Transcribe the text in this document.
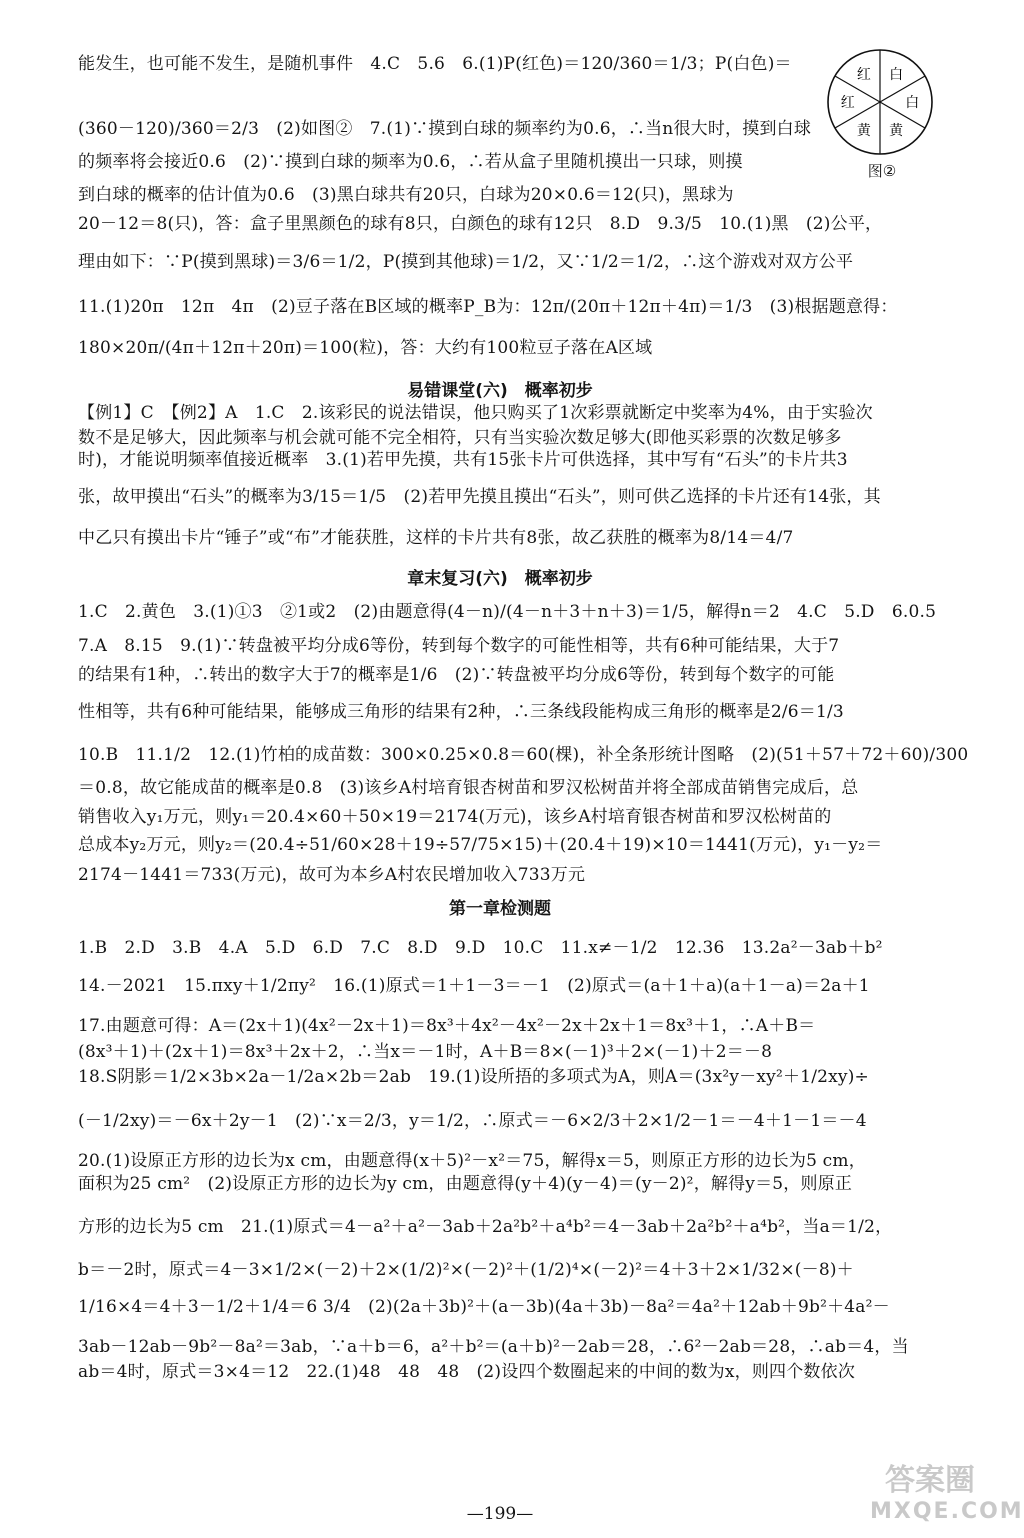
能发生，也可能不发生，是随机事件　4.C　5.6　6.(1)P(红色)＝120/360＝1/3；P(白色)＝
(360－120)/360＝2/3　(2)如图②　7.(1)∵摸到白球的频率约为0.6，∴当n很大时，摸到白球
的频率将会接近0.6　(2)∵摸到白球的频率为0.6，∴若从盒子里随机摸出一只球，则摸
到白球的概率的估计值为0.6　(3)黑白球共有20只，白球为20×0.6＝12(只)，黑球为
20－12＝8(只)，答：盒子里黑颜色的球有8只，白颜色的球有12只　8.D　9.3/5　10.(1)黑　(2)公平，
理由如下：∵P(摸到黑球)＝3/6＝1/2，P(摸到其他球)＝1/2，又∵1/2＝1/2，∴这个游戏对双方公平
11.(1)20π　12π　4π　(2)豆子落在B区域的概率P_B为：12π/(20π＋12π＋4π)＝1/3　(3)根据题意得：
180×20π/(4π＋12π＋20π)＝100(粒)，答：大约有100粒豆子落在A区域
易错课堂(六)　概率初步
【例1】C　【例2】A　1.C　2.该彩民的说法错误，他只购买了1次彩票就断定中奖率为4%，由于实验次
数不是足够大，因此频率与机会就可能不完全相符，只有当实验次数足够大(即他买彩票的次数足够多
时)，才能说明频率值接近概率　3.(1)若甲先摸，共有15张卡片可供选择，其中写有“石头”的卡片共3
张，故甲摸出“石头”的概率为3/15＝1/5　(2)若甲先摸且摸出“石头”，则可供乙选择的卡片还有14张，其
中乙只有摸出卡片“锤子”或“布”才能获胜，这样的卡片共有8张，故乙获胜的概率为8/14＝4/7
章末复习(六)　概率初步
1.C　2.黄色　3.(1)①3　②1或2　(2)由题意得(4－n)/(4－n＋3＋n＋3)＝1/5，解得n＝2　4.C　5.D　6.0.5
7.A　8.15　9.(1)∵转盘被平均分成6等份，转到每个数字的可能性相等，共有6种可能结果，大于7
的结果有1种，∴转出的数字大于7的概率是1/6　(2)∵转盘被平均分成6等份，转到每个数字的可能
性相等，共有6种可能结果，能够成三角形的结果有2种，∴三条线段能构成三角形的概率是2/6＝1/3
10.B　11.1/2　12.(1)竹柏的成苗数：300×0.25×0.8＝60(棵)，补全条形统计图略　(2)(51＋57＋72＋60)/300
＝0.8，故它能成苗的概率是0.8　(3)该乡A村培育银杏树苗和罗汉松树苗并将全部成苗销售完成后，总
销售收入y₁万元，则y₁＝20.4×60＋50×19＝2174(万元)，该乡A村培育银杏树苗和罗汉松树苗的
总成本y₂万元，则y₂＝(20.4÷51/60×28＋19÷57/75×15)＋(20.4＋19)×10＝1441(万元)，y₁－y₂＝
2174－1441＝733(万元)，故可为本乡A村农民增加收入733万元
第一章检测题
1.B　2.D　3.B　4.A　5.D　6.D　7.C　8.D　9.D　10.C　11.x≠－1/2　12.36　13.2a²－3ab＋b²
14.－2021　15.πxy＋1/2πy²　16.(1)原式＝1＋1－3＝－1　(2)原式＝(a＋1＋a)(a＋1－a)＝2a＋1
17.由题意可得：A＝(2x＋1)(4x²－2x＋1)＝8x³＋4x²－4x²－2x＋2x＋1＝8x³＋1，∴A＋B＝
(8x³＋1)＋(2x＋1)＝8x³＋2x＋2，∴当x＝－1时，A＋B＝8×(－1)³＋2×(－1)＋2＝－8
18.S阴影＝1/2×3b×2a－1/2a×2b＝2ab　19.(1)设所捂的多项式为A，则A＝(3x²y－xy²＋1/2xy)÷
(－1/2xy)＝－6x＋2y－1　(2)∵x＝2/3，y＝1/2，∴原式＝－6×2/3＋2×1/2－1＝－4＋1－1＝－4
20.(1)设原正方形的边长为x cm，由题意得(x＋5)²－x²＝75，解得x＝5，则原正方形的边长为5 cm，
面积为25 cm²　(2)设原正方形的边长为y cm，由题意得(y＋4)(y－4)＝(y－2)²，解得y＝5，则原正
方形的边长为5 cm　21.(1)原式＝4－a²＋a²－3ab＋2a²b²＋a⁴b²＝4－3ab＋2a²b²＋a⁴b²，当a＝1/2，
b＝－2时，原式＝4－3×1/2×(－2)＋2×(1/2)²×(－2)²＋(1/2)⁴×(－2)²＝4＋3＋2×1/32×(－8)＋
1/16×4＝4＋3－1/2＋1/4＝6 3/4　(2)(2a＋3b)²＋(a－3b)(4a＋3b)－8a²＝4a²＋12ab＋9b²＋4a²－
3ab－12ab－9b²－8a²＝3ab，∵a＋b＝6，a²＋b²＝(a＋b)²－2ab＝28，∴6²－2ab＝28，∴ab＝4，当
ab＝4时，原式＝3×4＝12　22.(1)48　48　48　(2)设四个数圈起来的中间的数为x，则四个数依次
白
白
黄
黄
红
红
图②
—199—
答案圈
MXQE.COM
